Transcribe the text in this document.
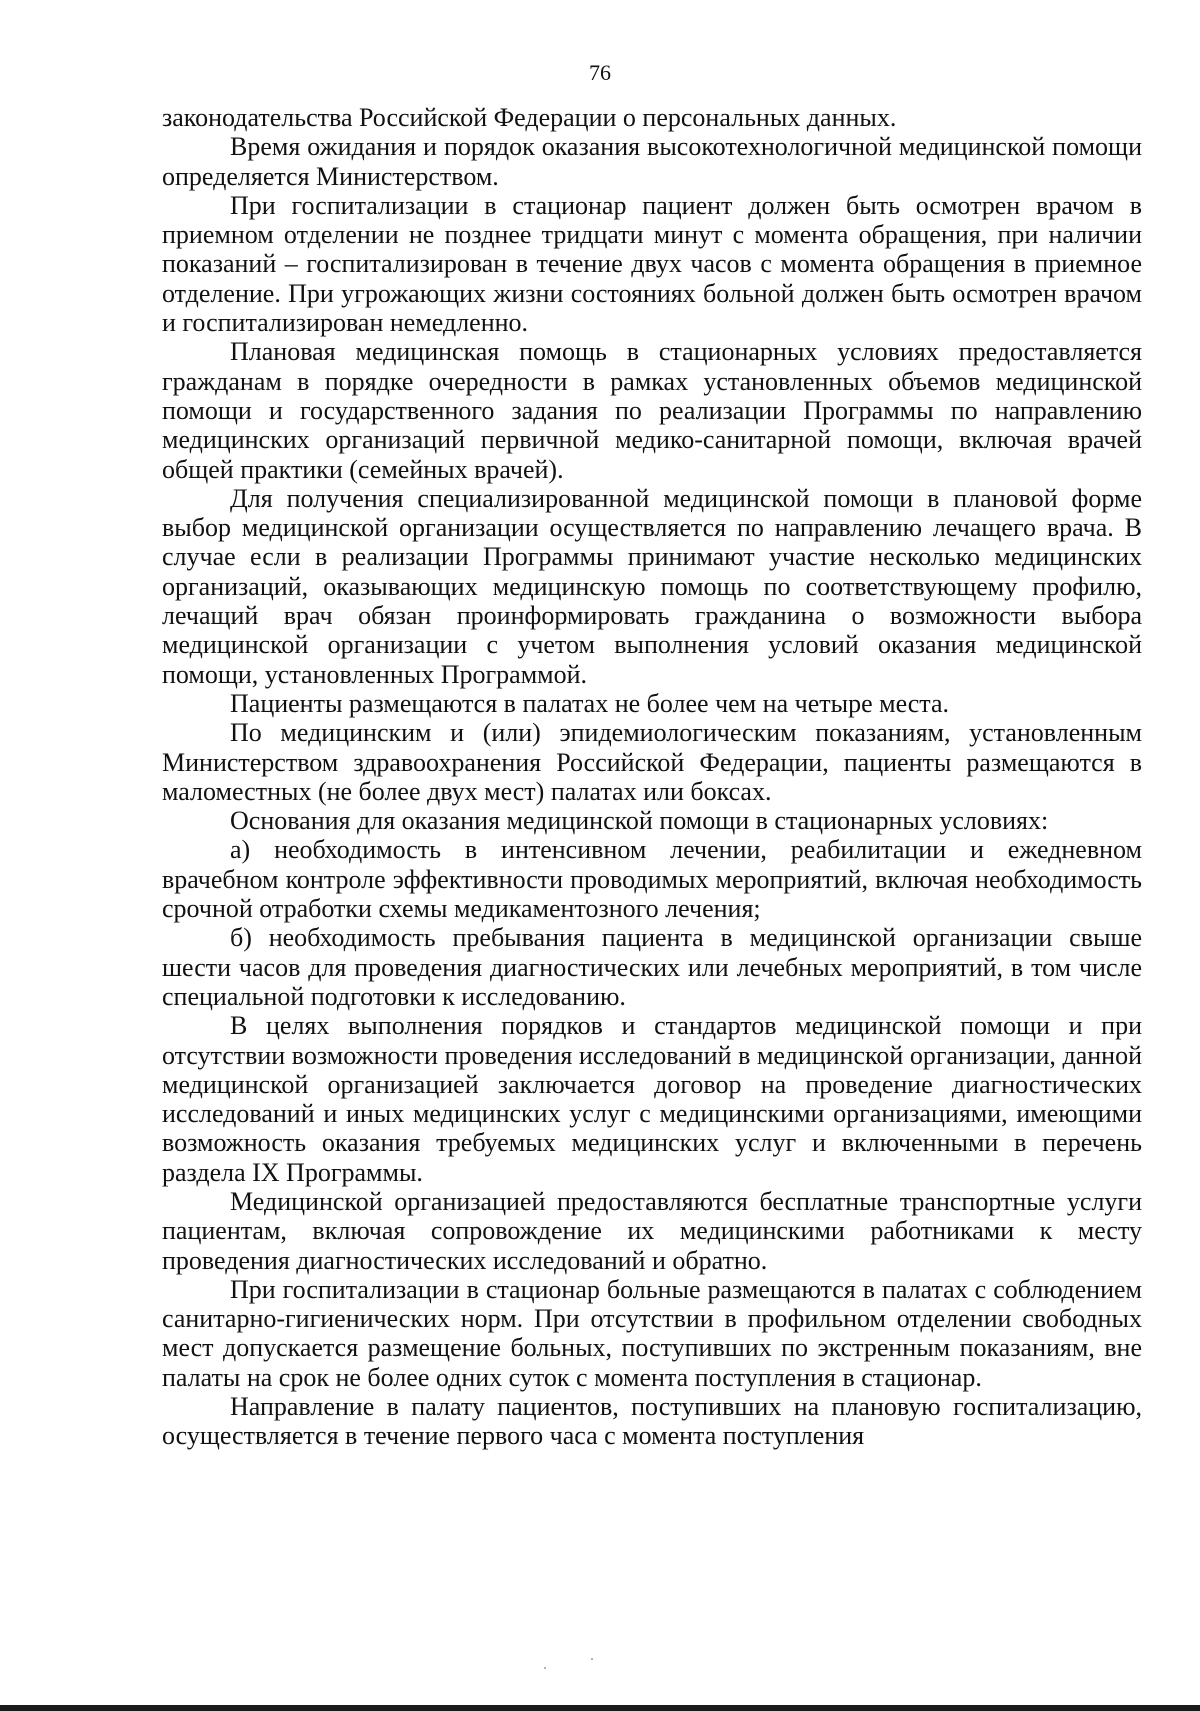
76

законодательства Российской Федерации о персональных данных.

Время ожидания и порядок оказания высокотехнологичной медицинской помощи определяется Министерством.

При госпитализации в стационар пациент должен быть осмотрен врачом в приемном отделении не позднее тридцати минут с момента обращения, при наличии показаний – госпитализирован в течение двух часов с момента обращения в приемное отделение. При угрожающих жизни состояниях больной должен быть осмотрен врачом и госпитализирован немедленно.

Плановая медицинская помощь в стационарных условиях предоставляется гражданам в порядке очередности в рамках установленных объемов медицинской помощи и государственного задания по реализации Программы по направлению медицинских организаций первичной медико-санитарной помощи, включая врачей общей практики (семейных врачей).

Для получения специализированной медицинской помощи в плановой форме выбор медицинской организации осуществляется по направлению лечащего врача. В случае если в реализации Программы принимают участие несколько медицинских организаций, оказывающих медицинскую помощь по соответствующему профилю, лечащий врач обязан проинформировать гражданина о возможности выбора медицинской организации с учетом выполнения условий оказания медицинской помощи, установленных Программой.

Пациенты размещаются в палатах не более чем на четыре места.

По медицинским и (или) эпидемиологическим показаниям, установленным Министерством здравоохранения Российской Федерации, пациенты размещаются в маломестных (не более двух мест) палатах или боксах.

Основания для оказания медицинской помощи в стационарных условиях:

а) необходимость в интенсивном лечении, реабилитации и ежедневном врачебном контроле эффективности проводимых мероприятий, включая необходимость срочной отработки схемы медикаментозного лечения;

б) необходимость пребывания пациента в медицинской организации свыше шести часов для проведения диагностических или лечебных мероприятий, в том числе специальной подготовки к исследованию.

В целях выполнения порядков и стандартов медицинской помощи и при отсутствии возможности проведения исследований в медицинской организации, данной медицинской организацией заключается договор на проведение диагностических исследований и иных медицинских услуг с медицинскими организациями, имеющими возможность оказания требуемых медицинских услуг и включенными в перечень раздела IX Программы.

Медицинской организацией предоставляются бесплатные транспортные услуги пациентам, включая сопровождение их медицинскими работниками к месту проведения диагностических исследований и обратно.

При госпитализации в стационар больные размещаются в палатах с соблюдением санитарно-гигиенических норм. При отсутствии в профильном отделении свободных мест допускается размещение больных, поступивших по экстренным показаниям, вне палаты на срок не более одних суток с момента поступления в стационар.

Направление в палату пациентов, поступивших на плановую госпитализацию, осуществляется в течение первого часа с момента поступления
